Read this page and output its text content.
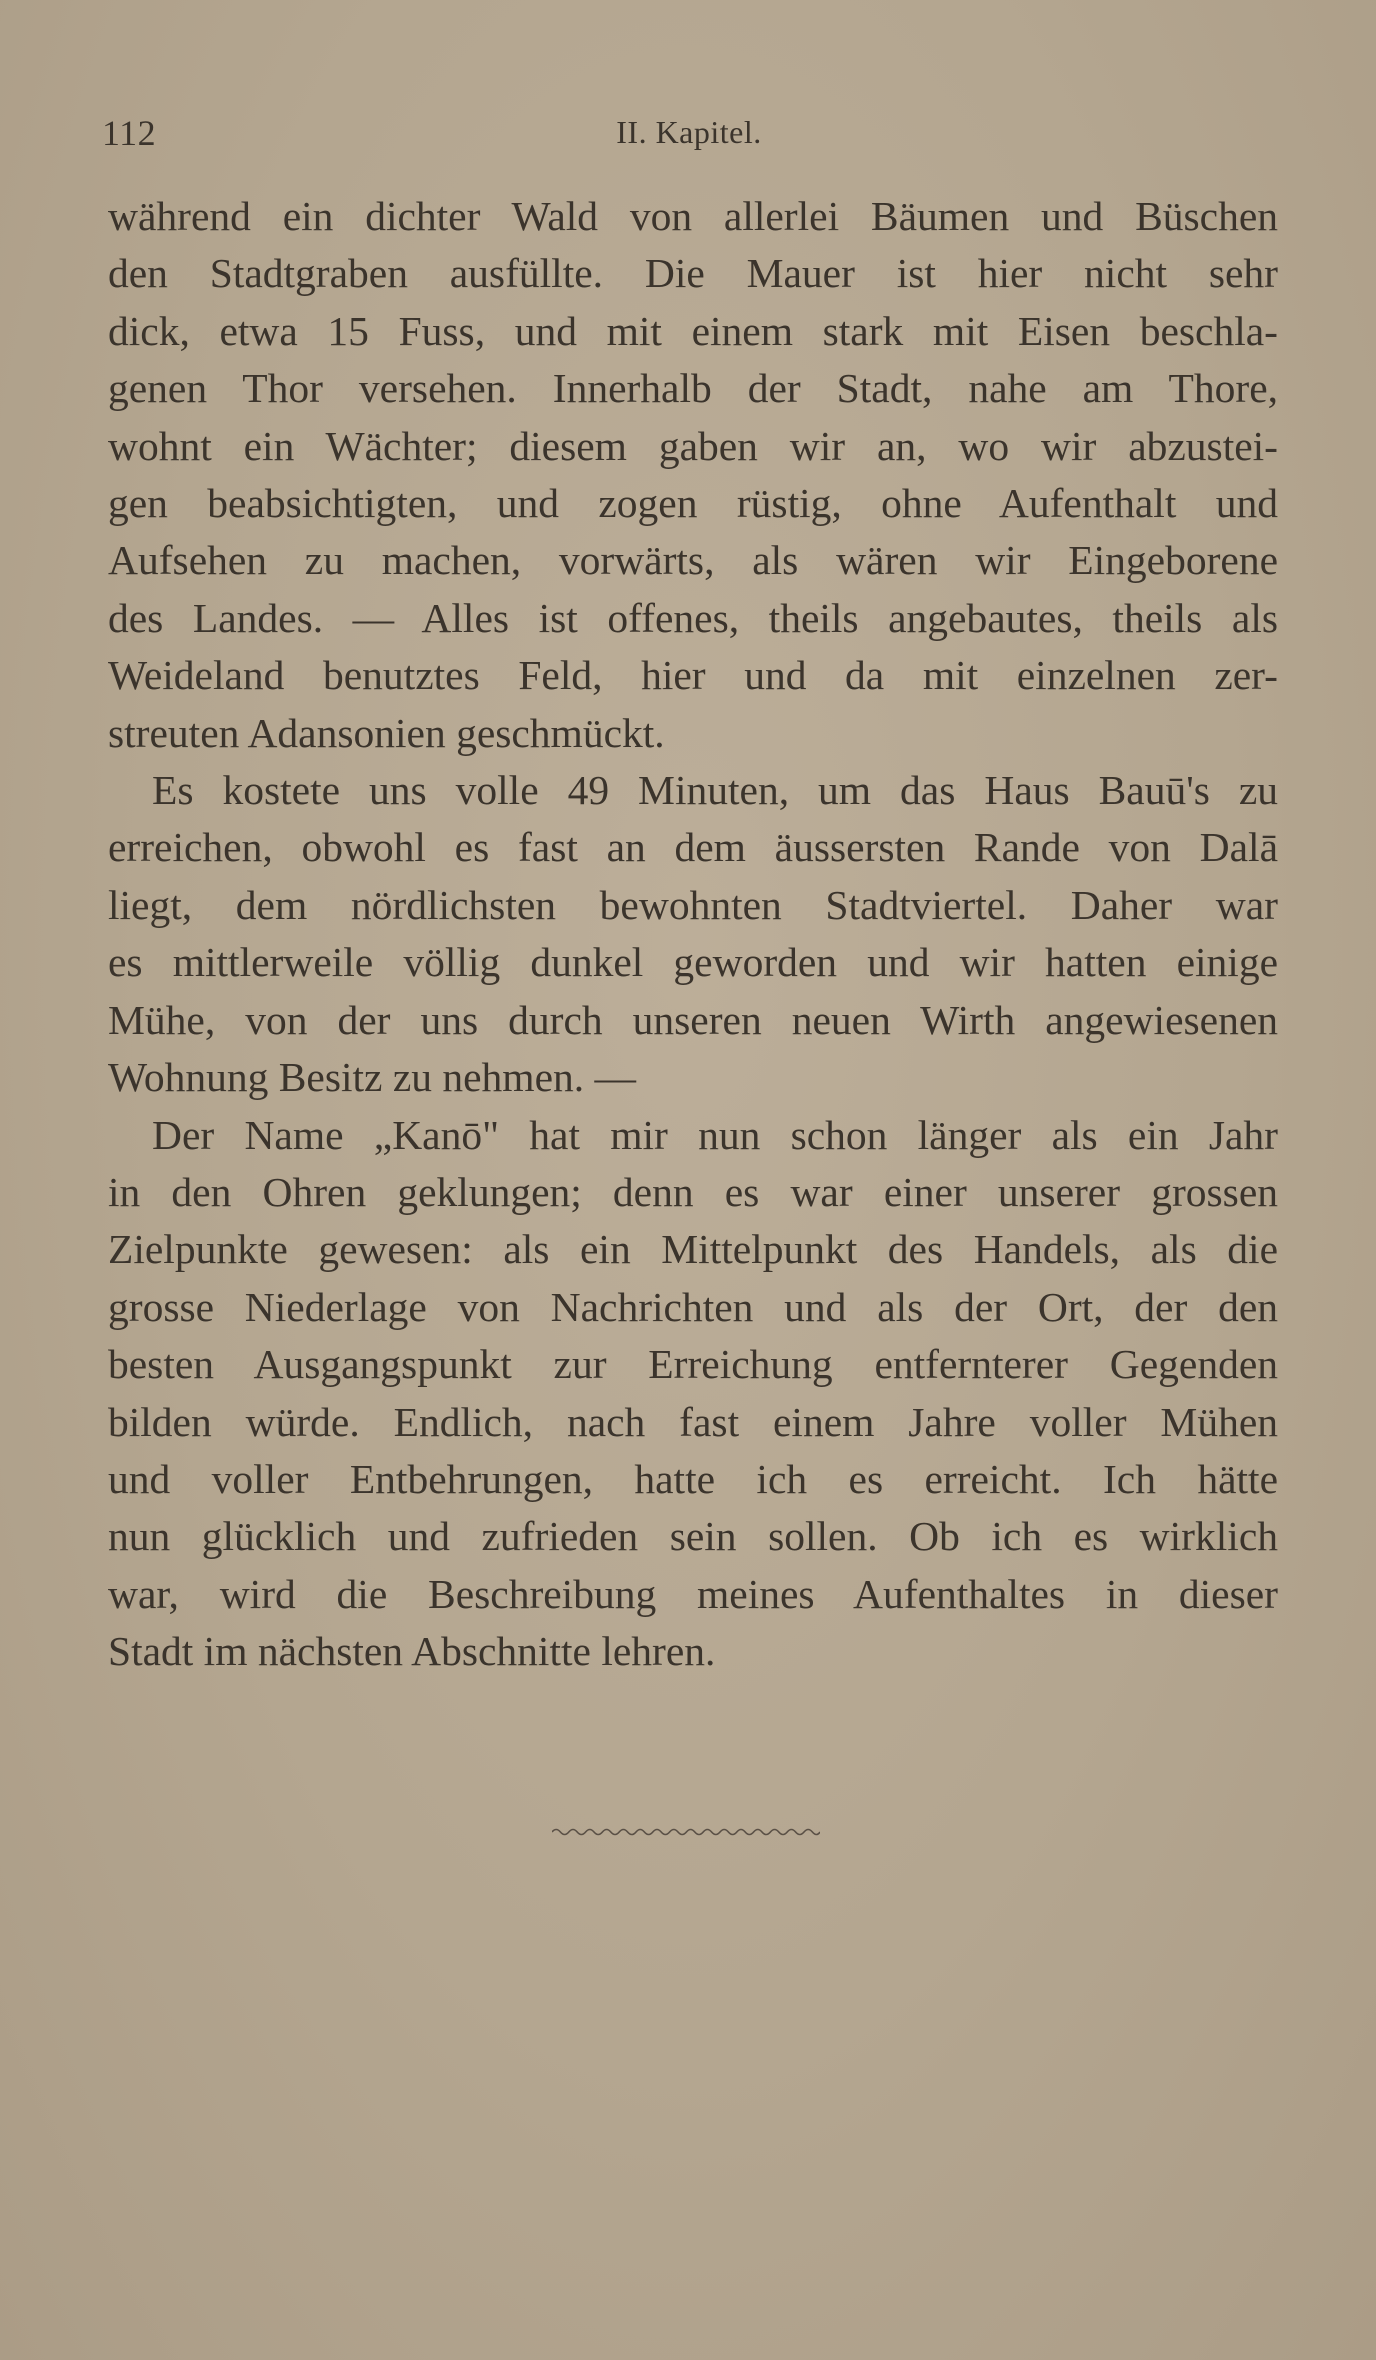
112	II. Kapitel.

während ein dichter Wald von allerlei Bäumen und Büschen
den Stadtgraben ausfüllte. Die Mauer ist hier nicht sehr
dick, etwa 15 Fuss, und mit einem stark mit Eisen beschla-
genen Thor versehen. Innerhalb der Stadt, nahe am Thore,
wohnt ein Wächter; diesem gaben wir an, wo wir abzustei-
gen beabsichtigten, und zogen rüstig, ohne Aufenthalt und
Aufsehen zu machen, vorwärts, als wären wir Eingeborene
des Landes. — Alles ist offenes, theils angebautes, theils als
Weideland benutztes Feld, hier und da mit einzelnen zer-
streuten Adansonien geschmückt.

Es kostete uns volle 49 Minuten, um das Haus Bauū's zu
erreichen, obwohl es fast an dem äussersten Rande von Dalā
liegt, dem nördlichsten bewohnten Stadtviertel. Daher war
es mittlerweile völlig dunkel geworden und wir hatten einige
Mühe, von der uns durch unseren neuen Wirth angewiesenen
Wohnung Besitz zu nehmen. —

Der Name „Kanō" hat mir nun schon länger als ein Jahr
in den Ohren geklungen; denn es war einer unserer grossen
Zielpunkte gewesen: als ein Mittelpunkt des Handels, als die
grosse Niederlage von Nachrichten und als der Ort, der den
besten Ausgangspunkt zur Erreichung entfernterer Gegenden
bilden würde. Endlich, nach fast einem Jahre voller Mühen
und voller Entbehrungen, hatte ich es erreicht. Ich hätte
nun glücklich und zufrieden sein sollen. Ob ich es wirklich
war, wird die Beschreibung meines Aufenthaltes in dieser
Stadt im nächsten Abschnitte lehren.
